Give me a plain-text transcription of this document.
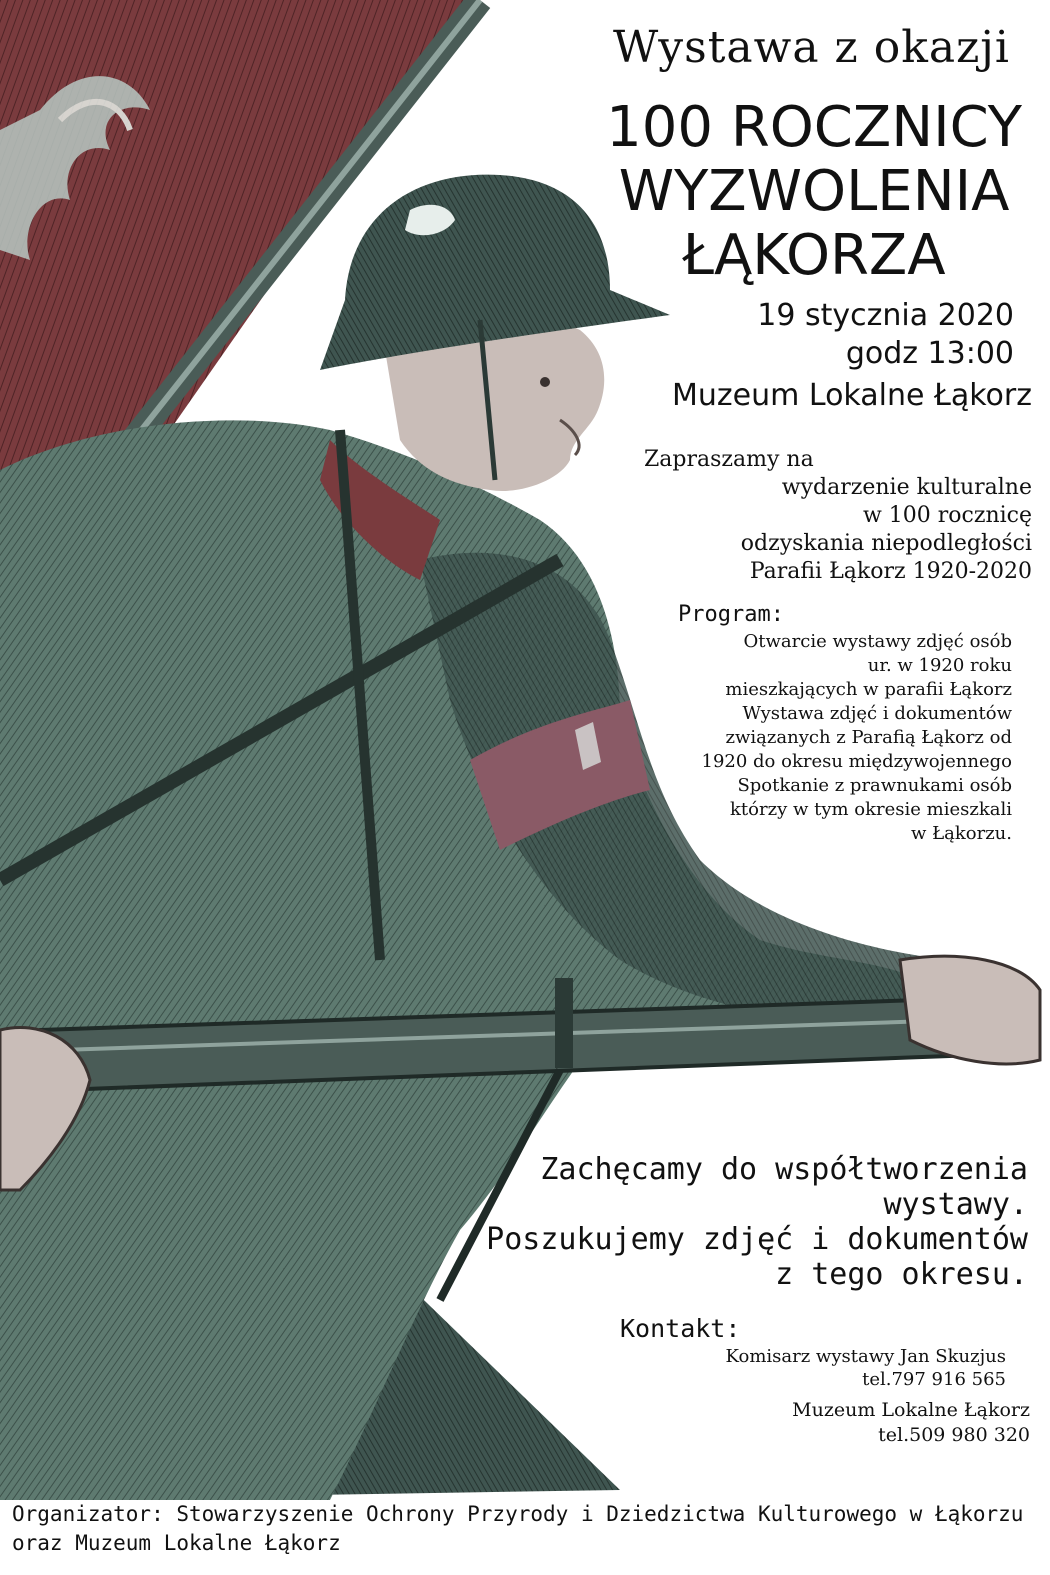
Wystawa z okazji
100 ROCZNICY
WYZWOLENIA
ŁĄKORZA
19 stycznia 2020
godz 13:00
Muzeum Lokalne Łąkorz
Zapraszamy na
wydarzenie kulturalne
w 100 rocznicę
odzyskania niepodległości
Parafii Łąkorz 1920-2020
Program:
Otwarcie wystawy zdjęć osób
ur. w 1920 roku
mieszkających w parafii Łąkorz
Wystawa zdjęć i dokumentów
związanych z Parafią Łąkorz od
1920 do okresu międzywojennego
Spotkanie z prawnukami osób
którzy w tym okresie mieszkali
w Łąkorzu.
Zachęcamy do współtworzenia
wystawy.
Poszukujemy zdjęć i dokumentów
z tego okresu.
Kontakt:
Komisarz wystawy Jan Skuzjus
tel.797 916 565
Muzeum Lokalne Łąkorz
tel.509 980 320
Organizator: Stowarzyszenie Ochrony Przyrody i Dziedzictwa Kulturowego w Łąkorzu
oraz Muzeum Lokalne Łąkorz
